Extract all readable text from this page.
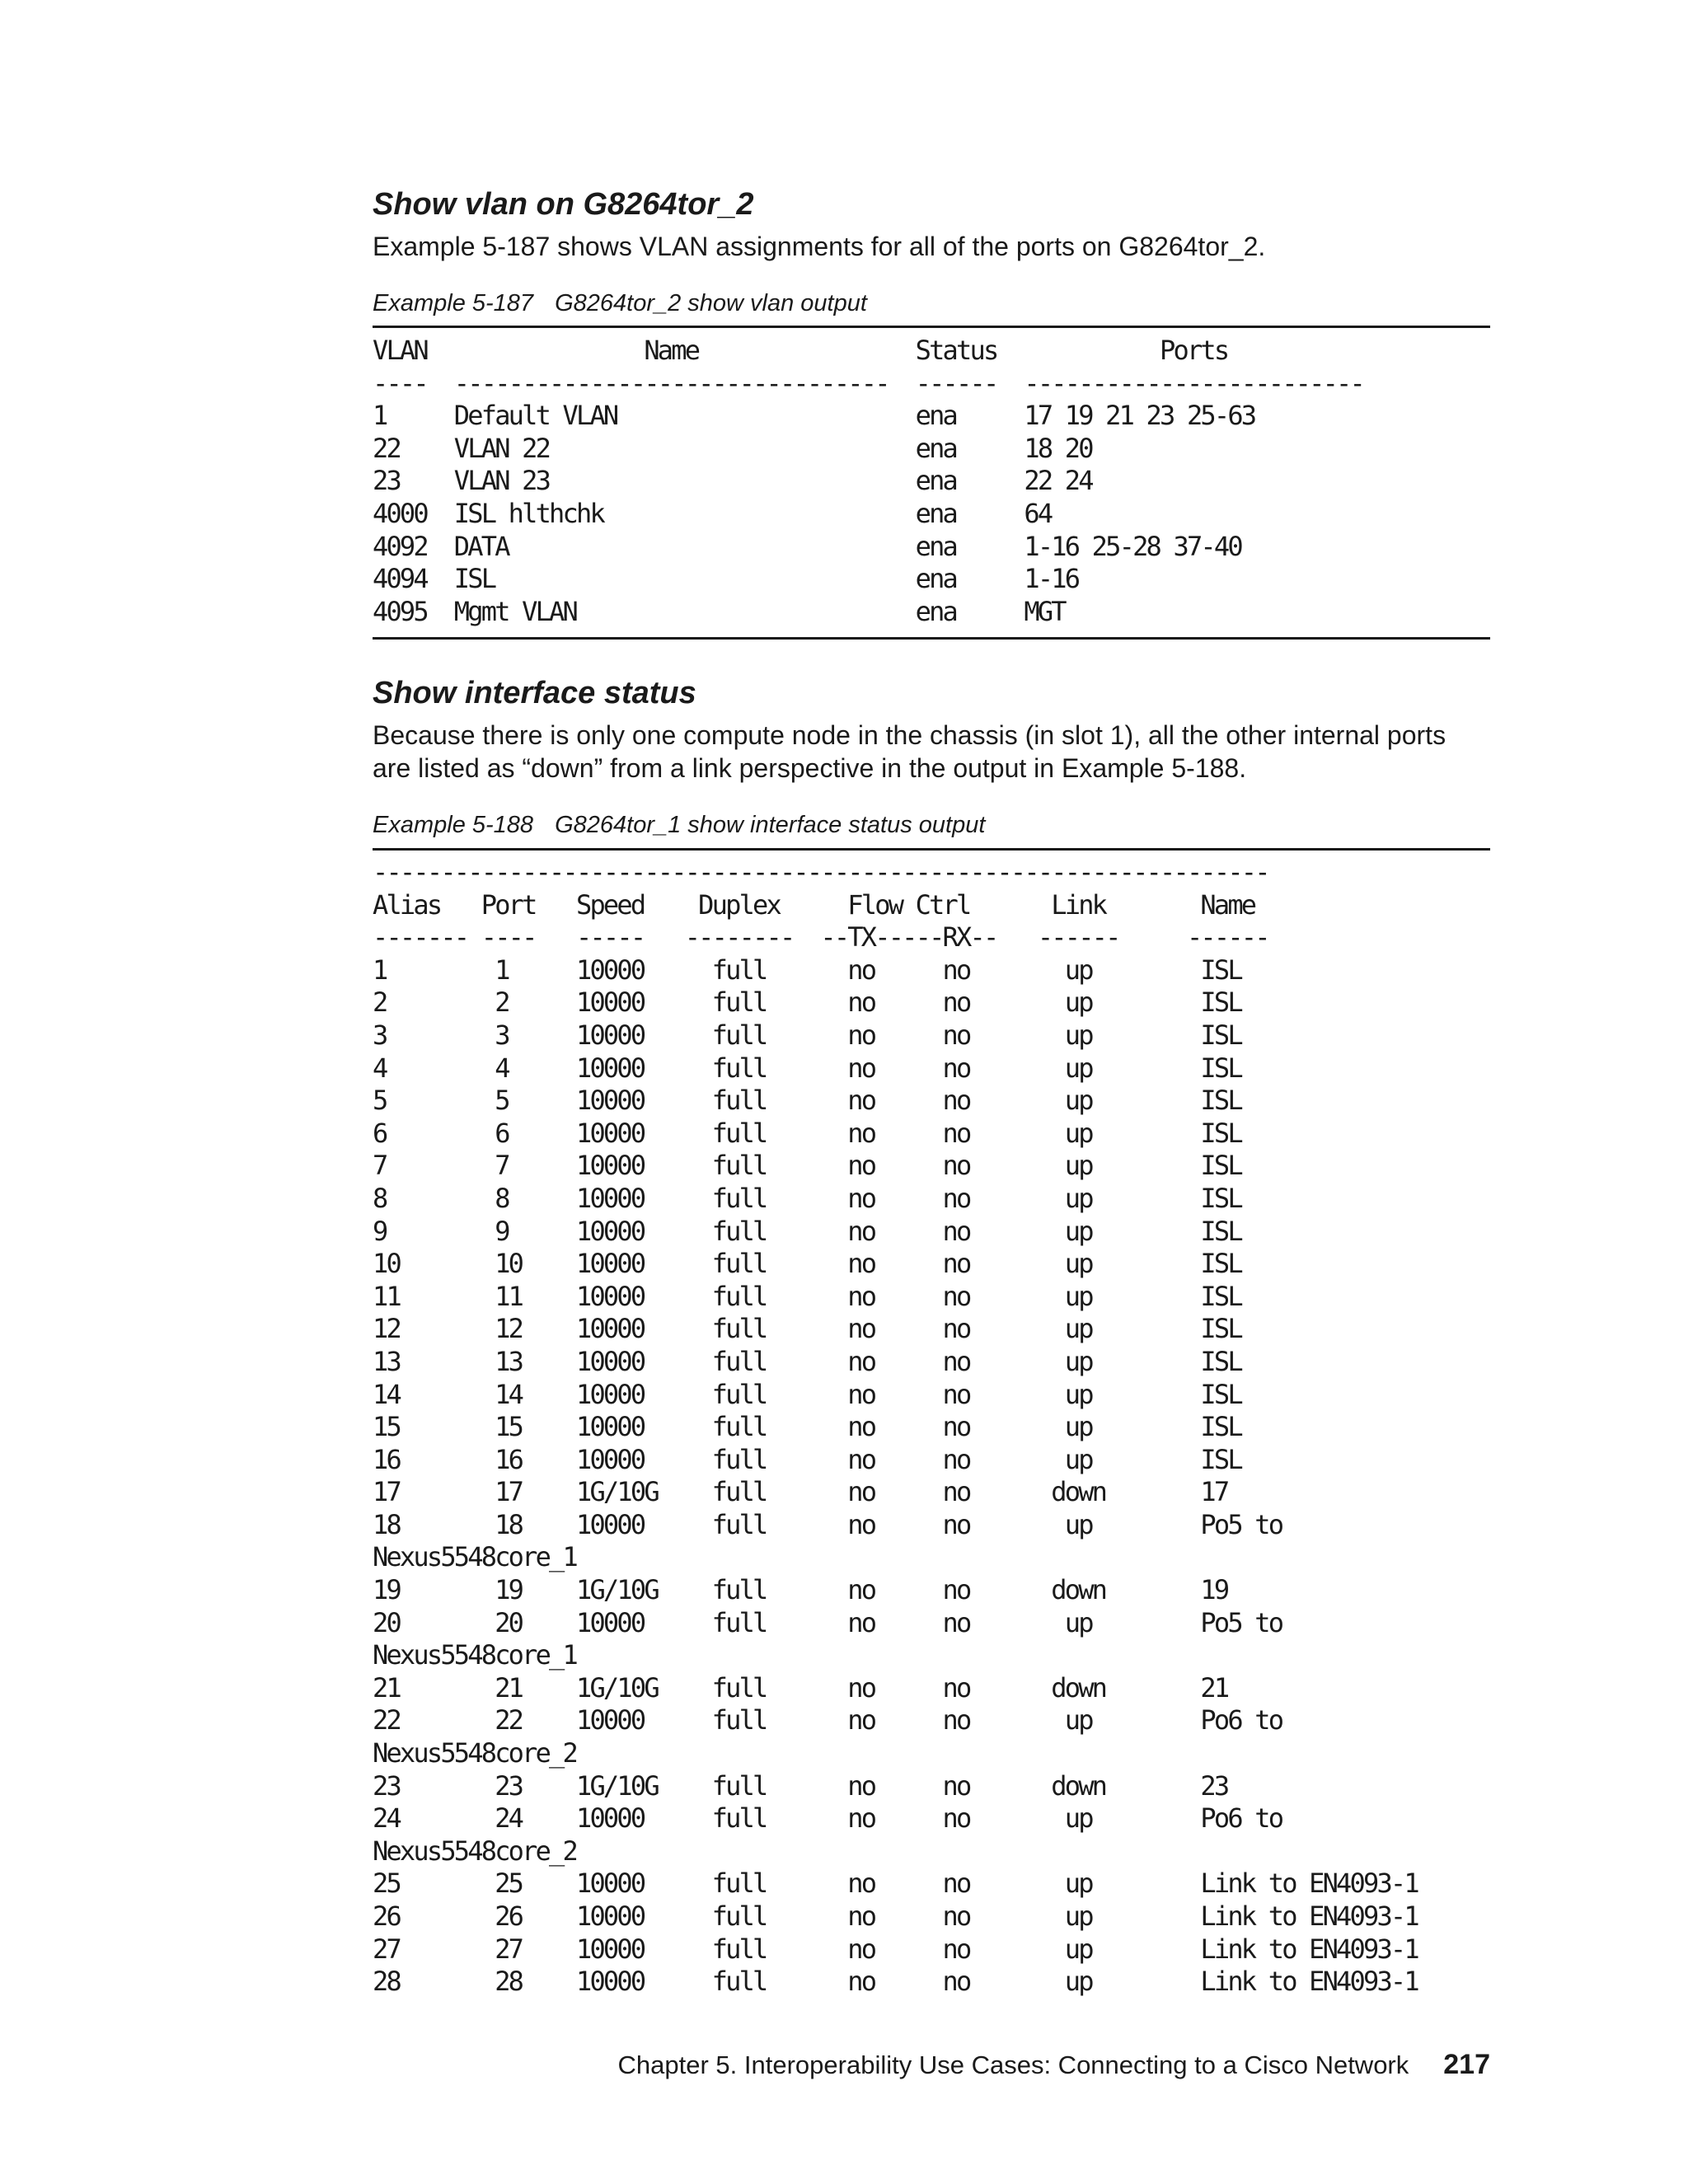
Show vlan on G8264tor_2

Example 5-187 shows VLAN assignments for all of the ports on G8264tor_2.

Example 5-187 G8264tor_2 show vlan output

VLAN                Name                Status            Ports
----  --------------------------------  ------  -------------------------
1     Default VLAN                      ena     17 19 21 23 25-63
22    VLAN 22                           ena     18 20
23    VLAN 23                           ena     22 24
4000  ISL hlthchk                       ena     64
4092  DATA                              ena     1-16 25-28 37-40
4094  ISL                               ena     1-16
4095  Mgmt VLAN                         ena     MGT
Show interface status

Because there is only one compute node in the chassis (in slot 1), all the other internal ports are listed as “down” from a link perspective in the output in Example 5-188.

Example 5-188 G8264tor_1 show interface status output

------------------------------------------------------------------
Alias   Port   Speed    Duplex     Flow Ctrl      Link       Name
------- ----   -----   --------  --TX-----RX--   ------     ------
1        1     10000     full      no     no       up        ISL
2        2     10000     full      no     no       up        ISL
3        3     10000     full      no     no       up        ISL
4        4     10000     full      no     no       up        ISL
5        5     10000     full      no     no       up        ISL
6        6     10000     full      no     no       up        ISL
7        7     10000     full      no     no       up        ISL
8        8     10000     full      no     no       up        ISL
9        9     10000     full      no     no       up        ISL
10       10    10000     full      no     no       up        ISL
11       11    10000     full      no     no       up        ISL
12       12    10000     full      no     no       up        ISL
13       13    10000     full      no     no       up        ISL
14       14    10000     full      no     no       up        ISL
15       15    10000     full      no     no       up        ISL
16       16    10000     full      no     no       up        ISL
17       17    1G/10G    full      no     no      down       17
18       18    10000     full      no     no       up        Po5 to
Nexus5548core_1
19       19    1G/10G    full      no     no      down       19
20       20    10000     full      no     no       up        Po5 to
Nexus5548core_1
21       21    1G/10G    full      no     no      down       21
22       22    10000     full      no     no       up        Po6 to
Nexus5548core_2
23       23    1G/10G    full      no     no      down       23
24       24    10000     full      no     no       up        Po6 to
Nexus5548core_2
25       25    10000     full      no     no       up        Link to EN4093-1
26       26    10000     full      no     no       up        Link to EN4093-1
27       27    10000     full      no     no       up        Link to EN4093-1
28       28    10000     full      no     no       up        Link to EN4093-1
Chapter 5. Interoperability Use Cases: Connecting to a Cisco Network 217
